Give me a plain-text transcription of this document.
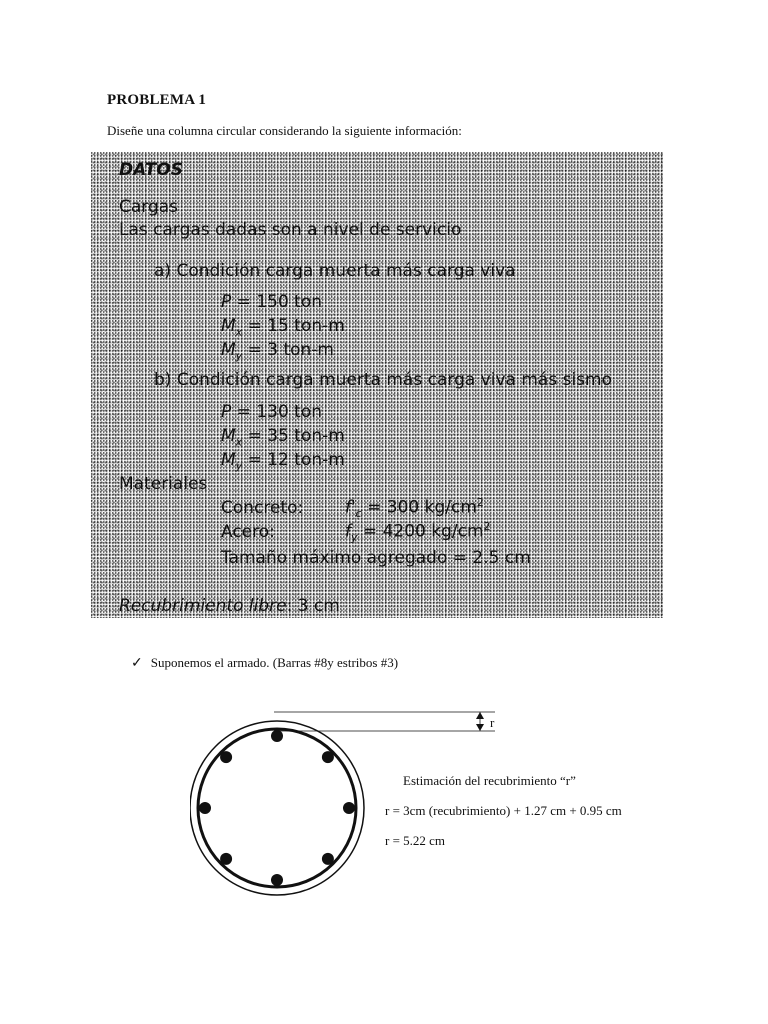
PROBLEMA 1
Diseñe una columna circular considerando la siguiente información:
DATOS
Cargas
Las cargas dadas son a nivel de servicio
a) Condición carga muerta más carga viva
P = 150 ton
$M_x = 15$ ton-m
$M_y = 3$ ton-m
b) Condición carga muerta más carga viva más sismo
P = 130 ton
$M_x = 35$ ton-m
$M_y = 12$ ton-m
Materiales
Concreto: $f'_c = 300$ $kg/cm^2$
Acero:	$f_y = 4200$ $kg/cm^2$
Tamaño máximo agregado = 2.5 cm
Recubrimiento libre: 3 cm
✓ Suponemos el armado. (Barras #8y estribos #3)
r
Estimación del recubrimiento “r”
r = 3cm (recubrimiento) + 1.27 cm + 0.95 cm
r = 5.22 cm
